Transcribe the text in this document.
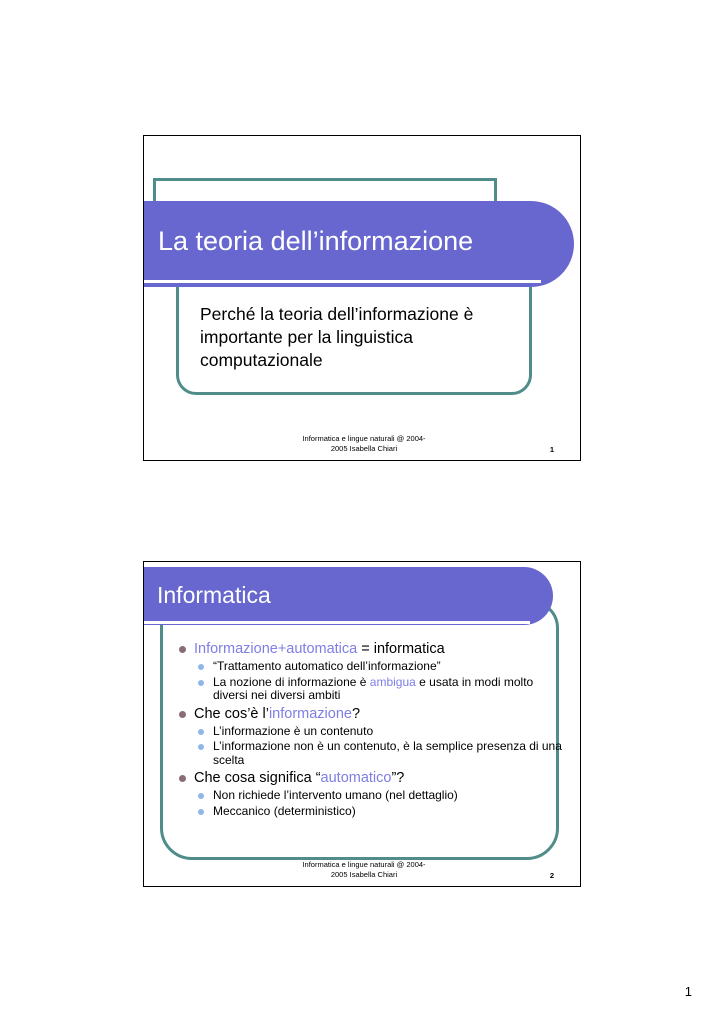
La teoria dell’informazione
Perché la teoria dell’informazione è importante per la linguistica computazionale
Informatica e lingue naturali @ 2004-
2005 Isabella Chiari	1
Informatica
Informazione+automatica = informatica
“Trattamento automatico dell’informazione”
La nozione di informazione è ambigua e usata in modi molto diversi nei diversi ambiti
Che cos’è l’informazione?
L’informazione è un contenuto
L’informazione non è un contenuto, è la semplice presenza di una scelta
Che cosa significa “automatico”?
Non richiede l’intervento umano (nel dettaglio)
Meccanico (deterministico)
Informatica e lingue naturali @ 2004-
2005 Isabella Chiari	2
1
